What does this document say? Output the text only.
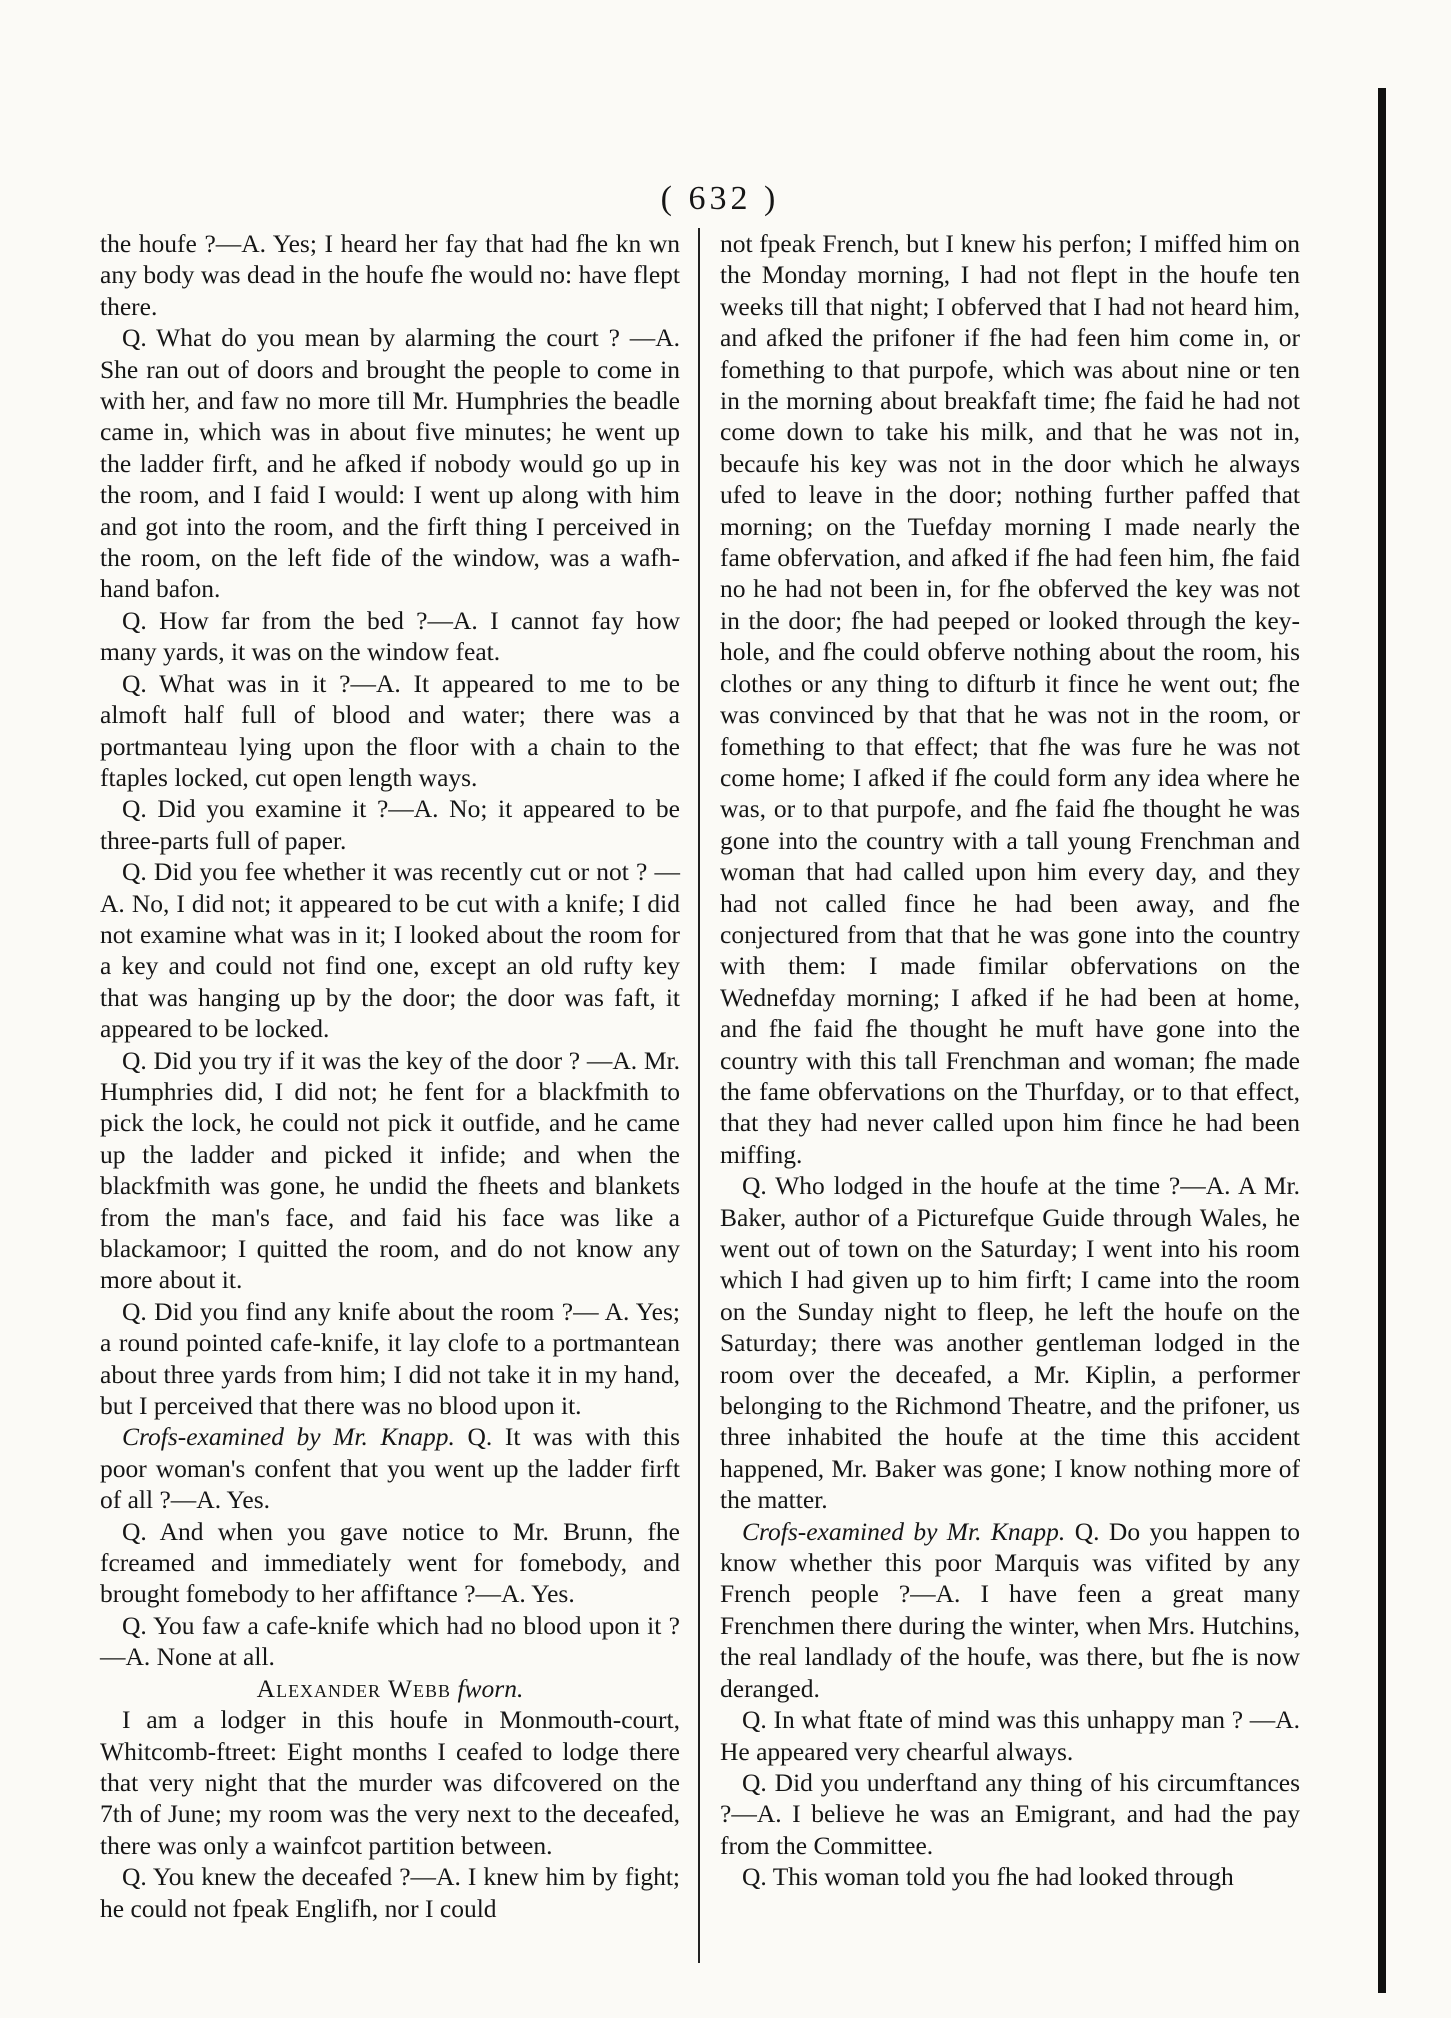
( 632 )

the houfe ?—A. Yes; I heard her fay that had fhe kn wn any body was dead in the houfe fhe would no: have flept there.

Q. What do you mean by alarming the court ? —A. She ran out of doors and brought the people to come in with her, and faw no more till Mr. Humphries the beadle came in, which was in about five minutes; he went up the ladder firft, and he afked if nobody would go up in the room, and I faid I would: I went up along with him and got into the room, and the firft thing I perceived in the room, on the left fide of the window, was a wafh-hand bafon.

Q. How far from the bed ?—A. I cannot fay how many yards, it was on the window feat.

Q. What was in it ?—A. It appeared to me to be almoft half full of blood and water; there was a portmanteau lying upon the floor with a chain to the ftaples locked, cut open length ways.

Q. Did you examine it ?—A. No; it appeared to be three-parts full of paper.

Q. Did you fee whether it was recently cut or not ? —A. No, I did not; it appeared to be cut with a knife; I did not examine what was in it; I looked about the room for a key and could not find one, except an old rufty key that was hanging up by the door; the door was faft, it appeared to be locked.

Q. Did you try if it was the key of the door ? —A. Mr. Humphries did, I did not; he fent for a blackfmith to pick the lock, he could not pick it outfide, and he came up the ladder and picked it infide; and when the blackfmith was gone, he undid the fheets and blankets from the man's face, and faid his face was like a blackamoor; I quitted the room, and do not know any more about it.

Q. Did you find any knife about the room ?— A. Yes; a round pointed cafe-knife, it lay clofe to a portmantean about three yards from him; I did not take it in my hand, but I perceived that there was no blood upon it.

Crofs-examined by Mr. Knapp. Q. It was with this poor woman's confent that you went up the ladder firft of all ?—A. Yes.

Q. And when you gave notice to Mr. Brunn, fhe fcreamed and immediately went for fomebody, and brought fomebody to her affiftance ?—A. Yes.

Q. You faw a cafe-knife which had no blood upon it ?—A. None at all.

Alexander Webb fworn.

I am a lodger in this houfe in Monmouth-court, Whitcomb-ftreet: Eight months I ceafed to lodge there that very night that the murder was difcovered on the 7th of June; my room was the very next to the deceafed, there was only a wainfcot partition between.

Q. You knew the deceafed ?—A. I knew him by fight; he could not fpeak Englifh, nor I could

not fpeak French, but I knew his perfon; I miffed him on the Monday morning, I had not flept in the houfe ten weeks till that night; I obferved that I had not heard him, and afked the prifoner if fhe had feen him come in, or fomething to that purpofe, which was about nine or ten in the morning about breakfaft time; fhe faid he had not come down to take his milk, and that he was not in, becaufe his key was not in the door which he always ufed to leave in the door; nothing further paffed that morning; on the Tuefday morning I made nearly the fame obfervation, and afked if fhe had feen him, fhe faid no he had not been in, for fhe obferved the key was not in the door; fhe had peeped or looked through the key-hole, and fhe could obferve nothing about the room, his clothes or any thing to difturb it fince he went out; fhe was convinced by that that he was not in the room, or fomething to that effect; that fhe was fure he was not come home; I afked if fhe could form any idea where he was, or to that purpofe, and fhe faid fhe thought he was gone into the country with a tall young Frenchman and woman that had called upon him every day, and they had not called fince he had been away, and fhe conjectured from that that he was gone into the country with them: I made fimilar obfervations on the Wednefday morning; I afked if he had been at home, and fhe faid fhe thought he muft have gone into the country with this tall Frenchman and woman; fhe made the fame obfervations on the Thurfday, or to that effect, that they had never called upon him fince he had been miffing.

Q. Who lodged in the houfe at the time ?—A. A Mr. Baker, author of a Picturefque Guide through Wales, he went out of town on the Saturday; I went into his room which I had given up to him firft; I came into the room on the Sunday night to fleep, he left the houfe on the Saturday; there was another gentleman lodged in the room over the deceafed, a Mr. Kiplin, a performer belonging to the Richmond Theatre, and the prifoner, us three inhabited the houfe at the time this accident happened, Mr. Baker was gone; I know nothing more of the matter.

Crofs-examined by Mr. Knapp. Q. Do you happen to know whether this poor Marquis was vifited by any French people ?—A. I have feen a great many Frenchmen there during the winter, when Mrs. Hutchins, the real landlady of the houfe, was there, but fhe is now deranged.

Q. In what ftate of mind was this unhappy man ? —A. He appeared very chearful always.

Q. Did you underftand any thing of his circumftances ?—A. I believe he was an Emigrant, and had the pay from the Committee.

Q. This woman told you fhe had looked through
